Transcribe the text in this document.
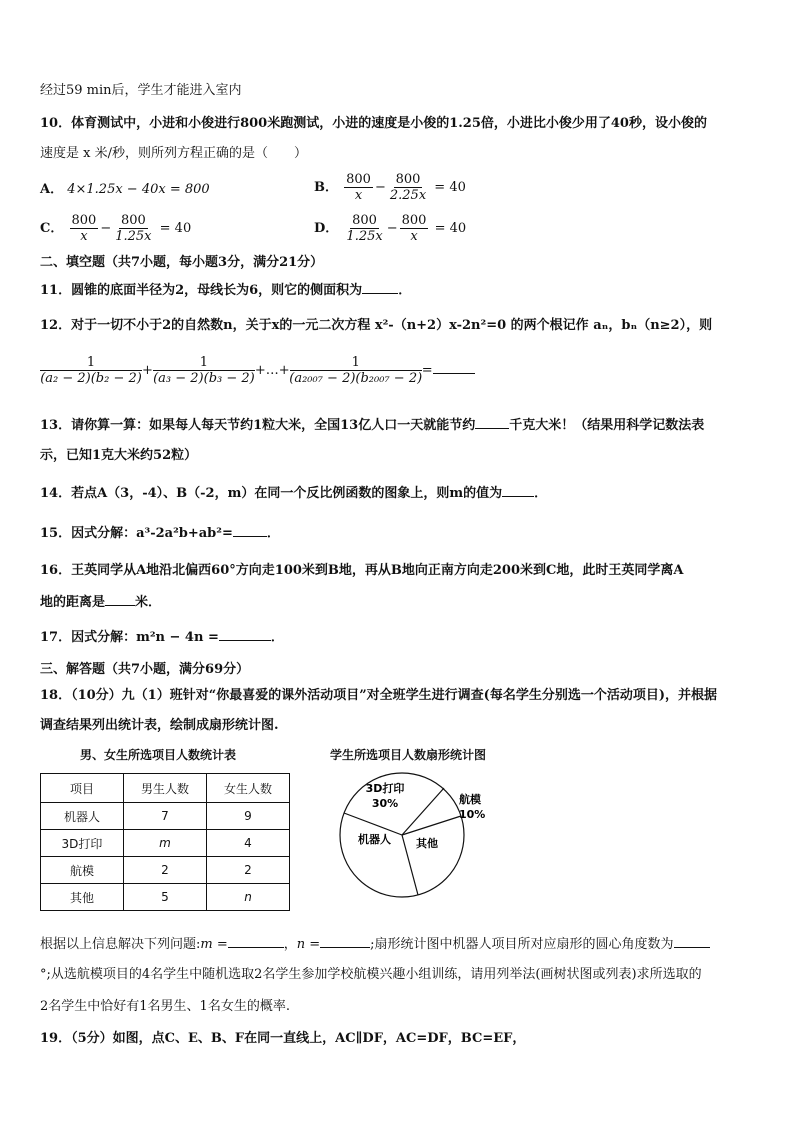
经过59 min后，学生才能进入室内
10．体育测试中，小进和小俊进行800米跑测试，小进的速度是小俊的1.25倍，小进比小俊少用了40秒，设小俊的
速度是 x 米/秒，则所列方程正确的是（　　）
A． 4×1.25x − 40x = 800	B． $\frac{800}{x} - \frac{800}{2.25x} = 40$
C． $\frac{800}{x} - \frac{800}{1.25x} = 40$	D． $\frac{800}{1.25x} - \frac{800}{x} = 40$
二、填空题（共7小题，每小题3分，满分21分）
11．圆锥的底面半径为2，母线长为6，则它的侧面积为	．
12．对于一切不小于2的自然数n，关于x的一元二次方程 x²-（n+2）x-2n²=0 的两个根记作 aₙ，bₙ（n≥2），则
$\frac{1}{\text{(a₂ − 2)(b₂ − 2)}} + \frac{1}{\text{(a₃ − 2)(b₃ − 2)}}$ +…+ $\frac{1}{\text{(a₂₀₀₇ − 2)(b₂₀₀₇ − 2)}}$ =
13．请你算一算：如果每人每天节约1粒大米，全国13亿人口一天就能节约	千克大米！（结果用科学记数法表
示，已知1克大米约52粒）
14．若点A（3，-4）、B（-2，m）在同一个反比例函数的图象上，则m的值为 ．
15．因式分解：a³-2a²b+ab²=	．
16．王英同学从A地沿北偏西60°方向走100米到B地，再从B地向正南方向走200米到C地，此时王英同学离A
地的距离是 米．
17．因式分解：m²n − 4n =	．
三、解答题（共7小题，满分69分）
18．（10分）九（1）班针对“你最喜爱的课外活动项目”对全班学生进行调查(每名学生分别选一个活动项目)，并根据
调查结果列出统计表，绘制成扇形统计图.
男、女生所选项目人数统计表
项目	男生人数	女生人数
机器人	7	9
3D打印	m	4
航模	2	2
其他	5	n
学生所选项目人数扇形统计图
3D打印
30%	航模
10%
机器人 其他
根据以上信息解决下列问题:m =	，n =	;扇形统计图中机器人项目所对应扇形的圆心角度数为
°;从选航模项目的4名学生中随机选取2名学生参加学校航模兴趣小组训练，请用列举法(画树状图或列表)求所选取的
2名学生中恰好有1名男生、1名女生的概率.
19．（5分）如图，点C、E、B、F在同一直线上，AC∥DF，AC=DF，BC=EF，
